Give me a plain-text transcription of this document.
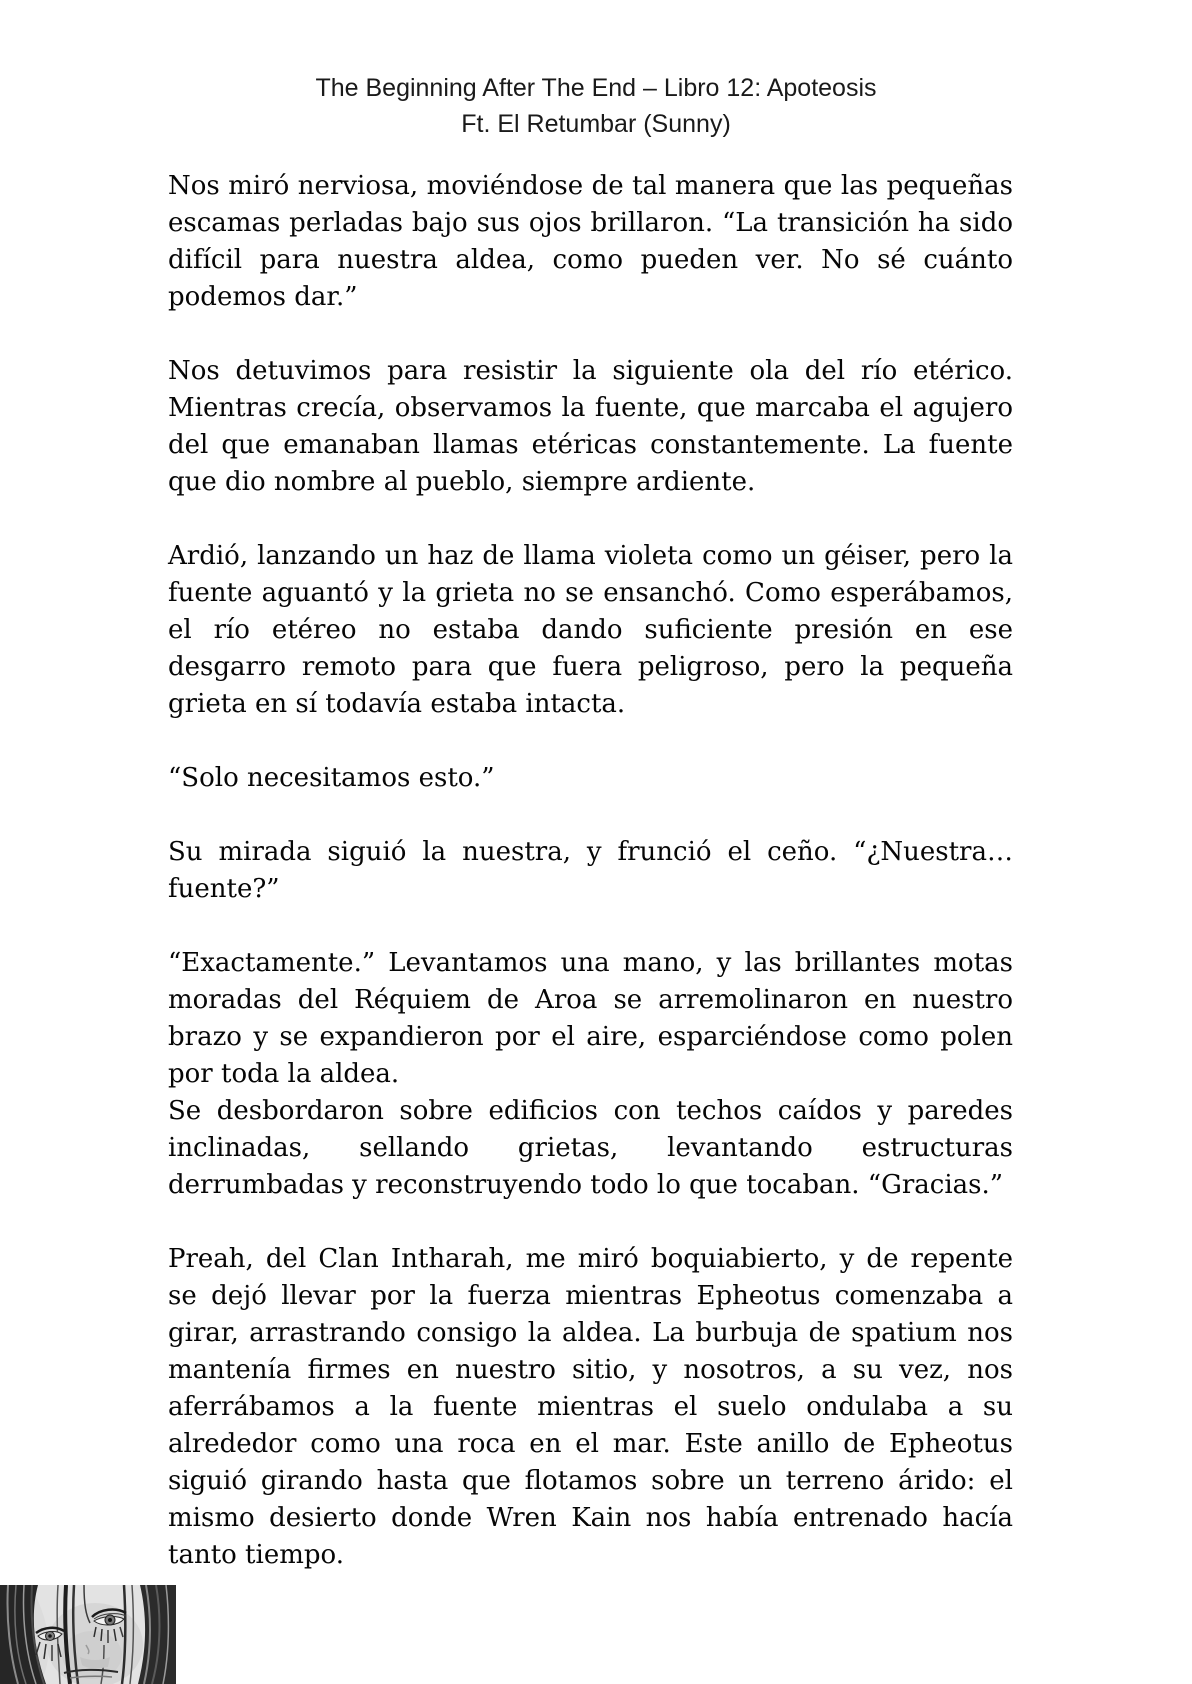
The Beginning After The End – Libro 12: Apoteosis
Ft. El Retumbar (Sunny)

Nos miró nerviosa, moviéndose de tal manera que las pequeñas escamas perladas bajo sus ojos brillaron. “La transición ha sido difícil para nuestra aldea, como pueden ver. No sé cuánto podemos dar.”

Nos detuvimos para resistir la siguiente ola del río etérico. Mientras crecía, observamos la fuente, que marcaba el agujero del que emanaban llamas etéricas constantemente. La fuente que dio nombre al pueblo, siempre ardiente.

Ardió, lanzando un haz de llama violeta como un géiser, pero la fuente aguantó y la grieta no se ensanchó. Como esperábamos, el río etéreo no estaba dando suficiente presión en ese desgarro remoto para que fuera peligroso, pero la pequeña grieta en sí todavía estaba intacta.

“Solo necesitamos esto.”

Su mirada siguió la nuestra, y frunció el ceño. “¿Nuestra… fuente?”

“Exactamente.” Levantamos una mano, y las brillantes motas moradas del Réquiem de Aroa se arremolinaron en nuestro brazo y se expandieron por el aire, esparciéndose como polen por toda la aldea.

Se desbordaron sobre edificios con techos caídos y paredes inclinadas, sellando grietas, levantando estructuras derrumbadas y reconstruyendo todo lo que tocaban. “Gracias.”

Preah, del Clan Intharah, me miró boquiabierto, y de repente se dejó llevar por la fuerza mientras Epheotus comenzaba a girar, arrastrando consigo la aldea. La burbuja de spatium nos mantenía firmes en nuestro sitio, y nosotros, a su vez, nos aferrábamos a la fuente mientras el suelo ondulaba a su alrededor como una roca en el mar. Este anillo de Epheotus siguió girando hasta que flotamos sobre un terreno árido: el mismo desierto donde Wren Kain nos había entrenado hacía tanto tiempo.
